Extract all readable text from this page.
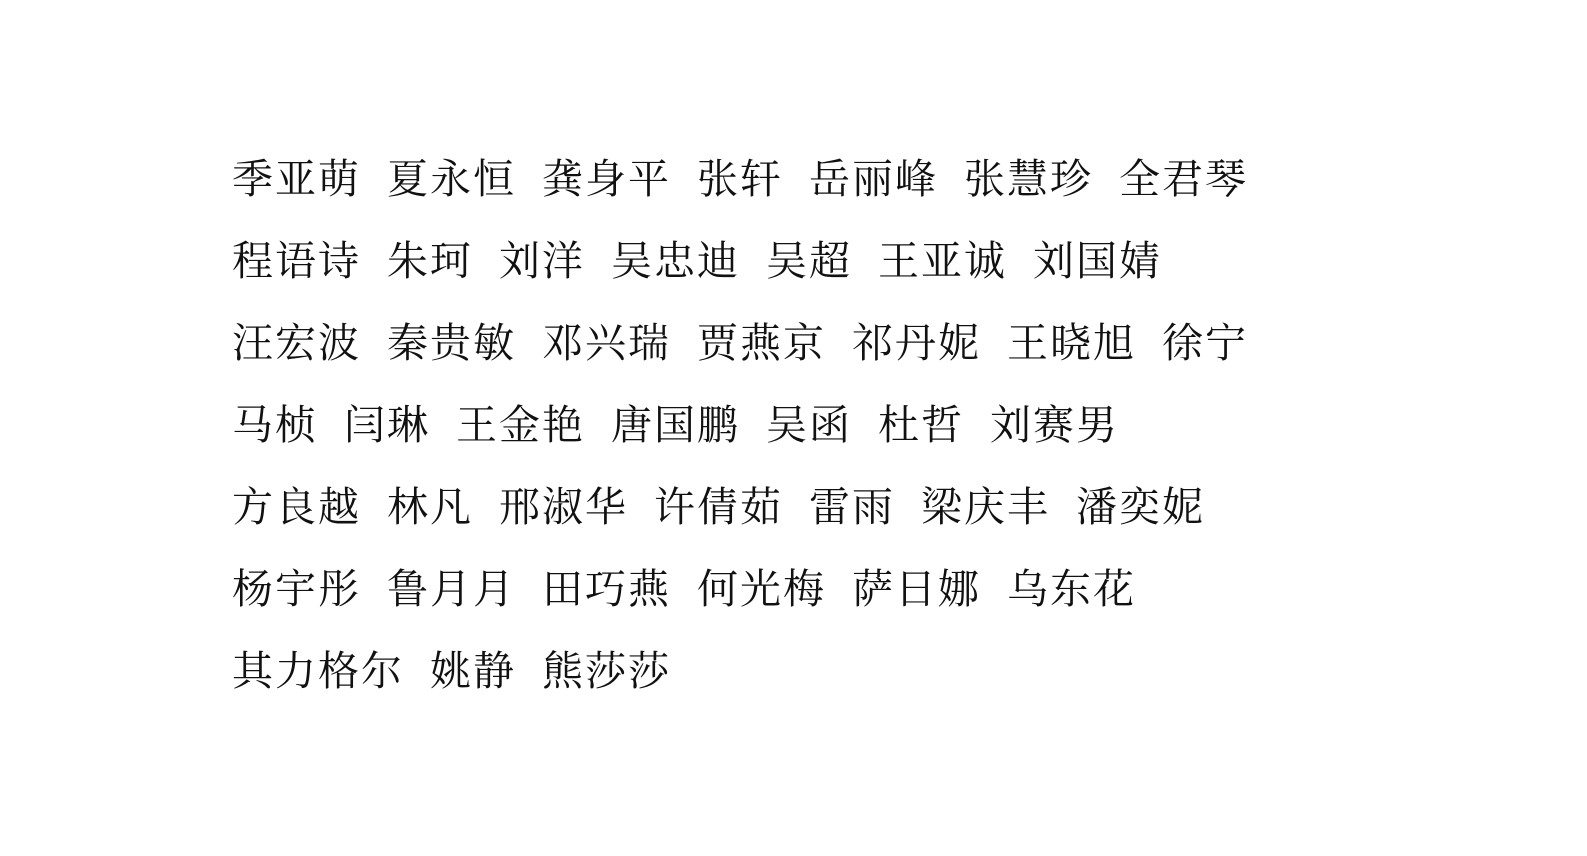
季亚萌 夏永恒 龚身平 张轩 岳丽峰 张慧珍 全君琴
程语诗 朱珂 刘洋 吴忠迪 吴超 王亚诚 刘国婧
汪宏波 秦贵敏 邓兴瑞 贾燕京 祁丹妮 王晓旭 徐宁
马桢 闫琳 王金艳 唐国鹏 吴函 杜哲 刘赛男
方良越 林凡 邢淑华 许倩茹 雷雨 梁庆丰 潘奕妮
杨宇彤 鲁月月 田巧燕 何光梅 萨日娜 乌东花
其力格尔 姚静 熊莎莎
